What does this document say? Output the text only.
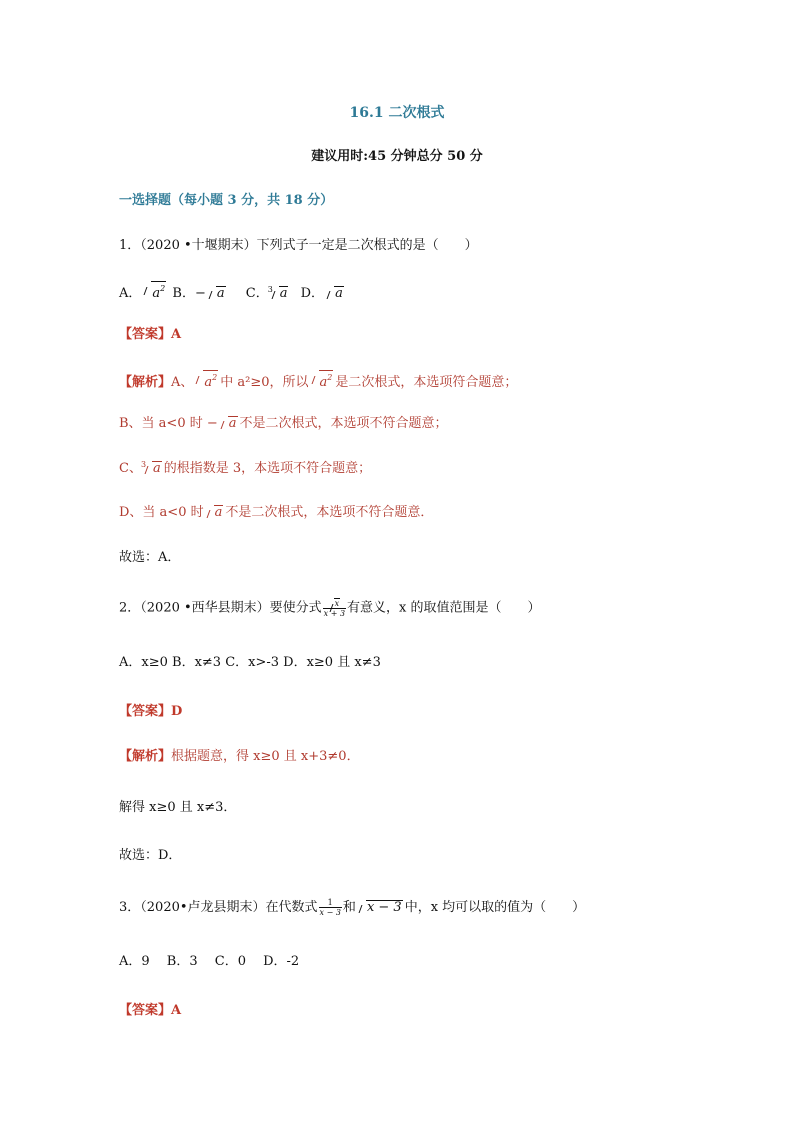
16.1 二次根式
建议用时:45 分钟总分 50 分
一选择题（每小题 3 分，共 18 分）
1．（2020 •十堰期末）下列式子一定是二次根式的是（　　）
A． $a^2$ B．− a C． 3 a D． a
【答案】A
【解析】A、 $a^2$ 中 a²≥0，所以 $a^2$ 是二次根式，本选项符合题意；
B、当 a<0 时 − a 不是二次根式，本选项不符合题意；
C、 3 a 的根指数是 3，本选项不符合题意；
D、当 a<0 时 a 不是二次根式，本选项不符合题意．
故选：A．
2．（2020 •西华县期末）要使分式 $\frac{x}{x + 3}$ 有意义，x 的取值范围是（　　）
A．x≥0 B．x≠3 C．x>-3 D．x≥0 且 x≠3
【答案】D
【解析】根据题意，得 x≥0 且 x+3≠0．
解得 x≥0 且 x≠3．
故选：D．
3．（2020•卢龙县期末）在代数式 $\frac{1}{x - 3}$ 和 x − 3 中，x 均可以取的值为（　　）
A．9　 B．3　 C．0　 D．-2
【答案】A
